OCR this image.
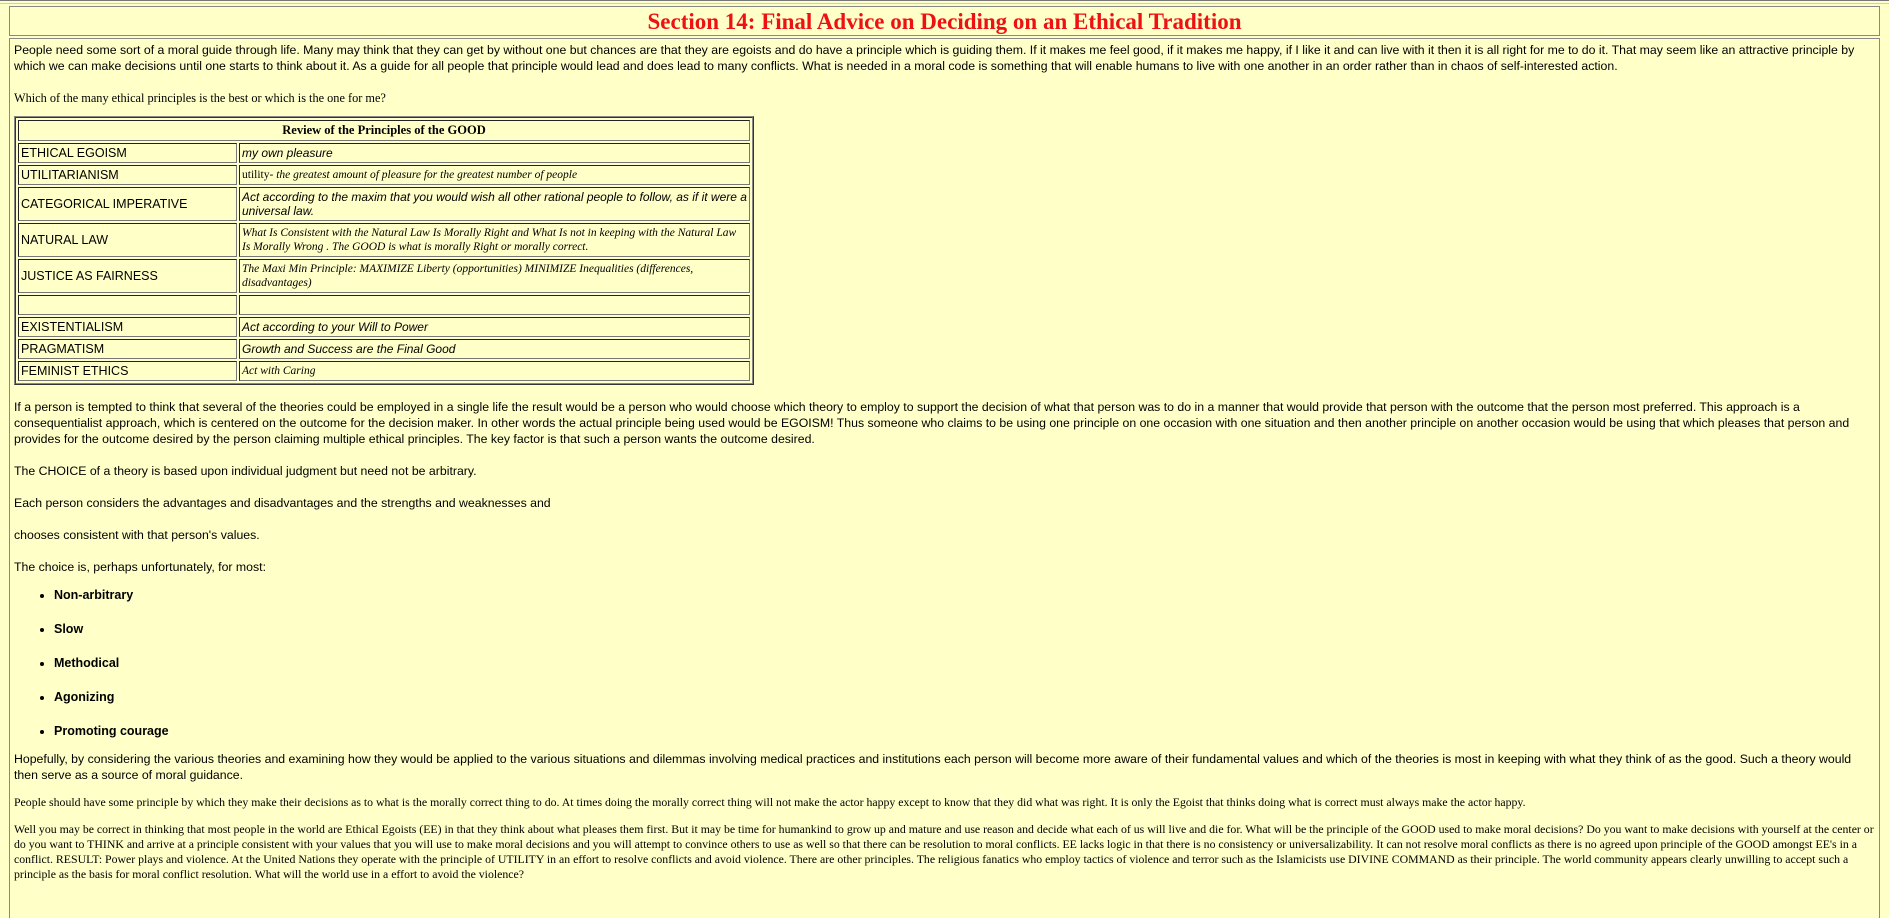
Section 14: Final Advice on Deciding on an Ethical Tradition

People need some sort of a moral guide through life. Many may think that they can get by without one but chances are that they are egoists and do have a principle which is guiding them. If it makes me feel good, if it makes me happy, if I like it and can live with it then it is all right for me to do it. That may seem like an attractive principle by which we can make decisions until one starts to think about it. As a guide for all people that principle would lead and does lead to many conflicts. What is needed in a moral code is something that will enable humans to live with one another in an order rather than in chaos of self-interested action.

Which of the many ethical principles is the best or which is the one for me?

Review of the Principles of the GOOD	
ETHICAL EGOISM	my own pleasure
UTILITARIANISM	utility- the greatest amount of pleasure for the greatest number of people
CATEGORICAL IMPERATIVE	Act according to the maxim that you would wish all other rational people to follow, as if it were a universal law.
NATURAL LAW	What Is Consistent with the Natural Law Is Morally Right and What Is not in keeping with the Natural Law Is Morally Wrong . The GOOD is what is morally Right or morally correct.
JUSTICE AS FAIRNESS	The Maxi Min Principle: MAXIMIZE Liberty (opportunities) MINIMIZE Inequalities (differences, disadvantages)

EXISTENTIALISM	Act according to your Will to Power
PRAGMATISM	Growth and Success are the Final Good
FEMINIST ETHICS	Act with Caring

If a person is tempted to think that several of the theories could be employed in a single life the result would be a person who would choose which theory to employ to support the decision of what that person was to do in a manner that would provide that person with the outcome that the person most preferred. This approach is a consequentialist approach, which is centered on the outcome for the decision maker. In other words the actual principle being used would be EGOISM! Thus someone who claims to be using one principle on one occasion with one situation and then another principle on another occasion would be using that which pleases that person and provides for the outcome desired by the person claiming multiple ethical principles. The key factor is that such a person wants the outcome desired.

The CHOICE of a theory is based upon individual judgment but need not be arbitrary.

Each person considers the advantages and disadvantages and the strengths and weaknesses and

chooses consistent with that person's values.

The choice is, perhaps unfortunately, for most:

• Non-arbitrary
• Slow
• Methodical
• Agonizing
• Promoting courage

Hopefully, by considering the various theories and examining how they would be applied to the various situations and dilemmas involving medical practices and institutions each person will become more aware of their fundamental values and which of the theories is most in keeping with what they think of as the good. Such a theory would then serve as a source of moral guidance.

People should have some principle by which they make their decisions as to what is the morally correct thing to do. At times doing the morally correct thing will not make the actor happy except to know that they did what was right. It is only the Egoist that thinks doing what is correct must always make the actor happy.

Well you may be correct in thinking that most people in the world are Ethical Egoists (EE) in that they think about what pleases them first. But it may be time for humankind to grow up and mature and use reason and decide what each of us will live and die for. What will be the principle of the GOOD used to make moral decisions? Do you want to make decisions with yourself at the center or do you want to THINK and arrive at a principle consistent with your values that you will use to make moral decisions and you will attempt to convince others to use as well so that there can be resolution to moral conflicts. EE lacks logic in that there is no consistency or universalizability. It can not resolve moral conflicts as there is no agreed upon principle of the GOOD amongst EE's in a conflict. RESULT: Power plays and violence. At the United Nations they operate with the principle of UTILITY in an effort to resolve conflicts and avoid violence. There are other principles. The religious fanatics who employ tactics of violence and terror such as the Islamicists use DIVINE COMMAND as their principle. The world community appears clearly unwilling to accept such a principle as the basis for moral conflict resolution. What will the world use in a effort to avoid the violence?
